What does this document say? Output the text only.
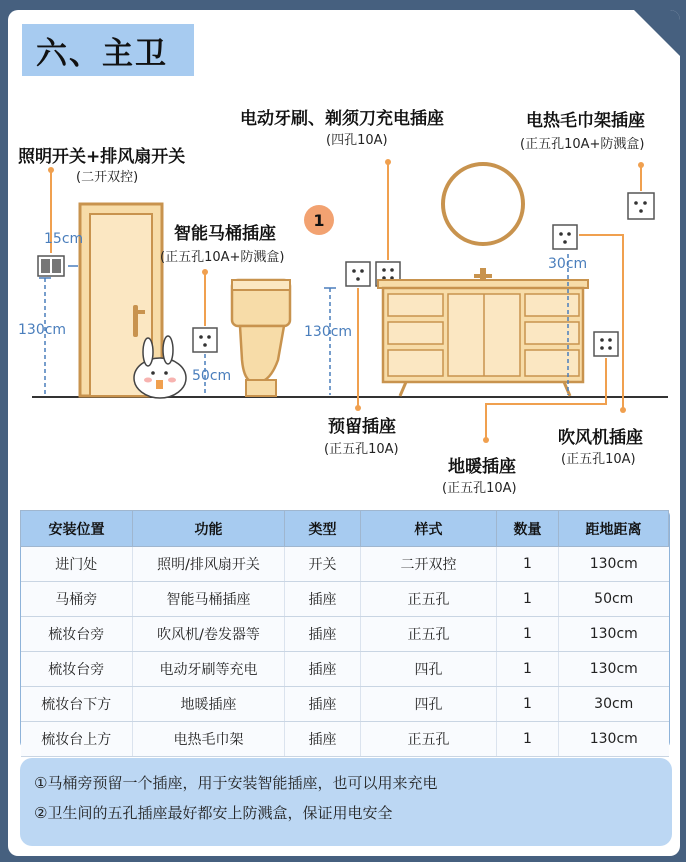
六、主卫
照明开关+排风扇开关
(二开双控)
电动牙刷、剃须刀充电插座
(四孔10A)
电热毛巾架插座
(正五孔10A+防溅盒)
智能马桶插座
(正五孔10A+防溅盒)
1
预留插座
(正五孔10A)
吹风机插座
(正五孔10A)
地暖插座
(正五孔10A)
15cm
130cm
50cm
130cm
30cm
安装位置	功能	类型	样式	数量	距地距离
进门处	照明/排风扇开关	开关	二开双控	1	130cm
马桶旁	智能马桶插座	插座	正五孔	1	50cm
梳妆台旁	吹风机/卷发器等	插座	正五孔	1	130cm
梳妆台旁	电动牙刷等充电	插座	四孔	1	130cm
梳妆台下方	地暖插座	插座	四孔	1	30cm
梳妆台上方	电热毛巾架	插座	正五孔	1	130cm

①马桶旁预留一个插座，用于安装智能插座，也可以用来充电

②卫生间的五孔插座最好都安上防溅盒，保证用电安全
